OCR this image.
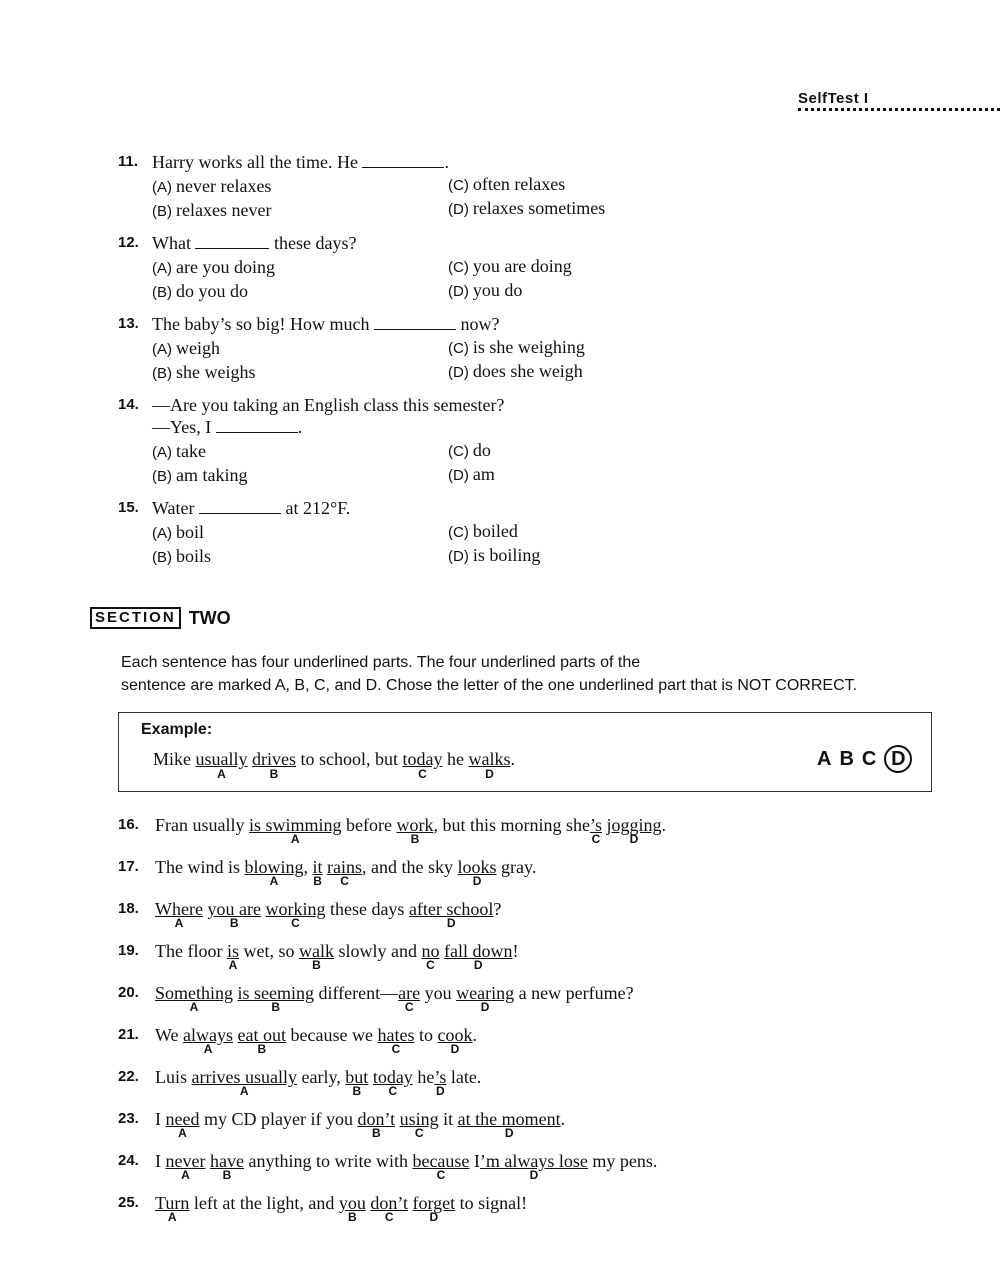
SelfTest I
11. Harry works all the time. He	.
(A) never relaxes
(B) relaxes never
(C) often relaxes
(D) relaxes sometimes
12. What	these days?
(A) are you doing
(B) do you do
(C) you are doing
(D) you do
13. The baby’s so big! How much	now?
(A) weigh
(B) she weighs
(C) is she weighing
(D) does she weigh
14. —Are you taking an English class this semester?
—Yes, I	.
(A) take
(B) am taking
(C) do
(D) am
15. Water	at 212°F.
(A) boil
(B) boils
(C) boiled
(D) is boiling
SECTION TWO
Each sentence has four underlined parts. The four underlined parts of the
sentence are marked A, B, C, and D. Chose the letter of the one underlined part that is NOT CORRECT.
Example:
Mike usually
A
drives
B
to school, but today
C
he walks
D
.	A B C D
16. Fran usually is swimming
A
before work
B
, but this morning she’s
C
jogging
D
.
17. The wind is blowing
A
, it
B
rains
C
, and the sky looks
D
gray.
18. Where
A
you are
B
working
C
these days after school
D
?
19. The floor is
A
wet, so walk
B
slowly and no
C
fall down
D
!
20. Something
A
is seeming
B
different—are
C
you wearing
D
a new perfume?
21. We always
A
eat out
B
because we hates
C
to cook
D
.
22. Luis arrives usually
A
early, but
B
today
C
he’s
D
late.
23. I need
A
my CD player if you don’t
B
using
C
it at the moment
D
.
24. I never
A
have
B
anything to write with because
C
I’m always lose
D
my pens.
25. Turn
A
left at the light, and you
B
don’t
C
forget
D
to signal!
